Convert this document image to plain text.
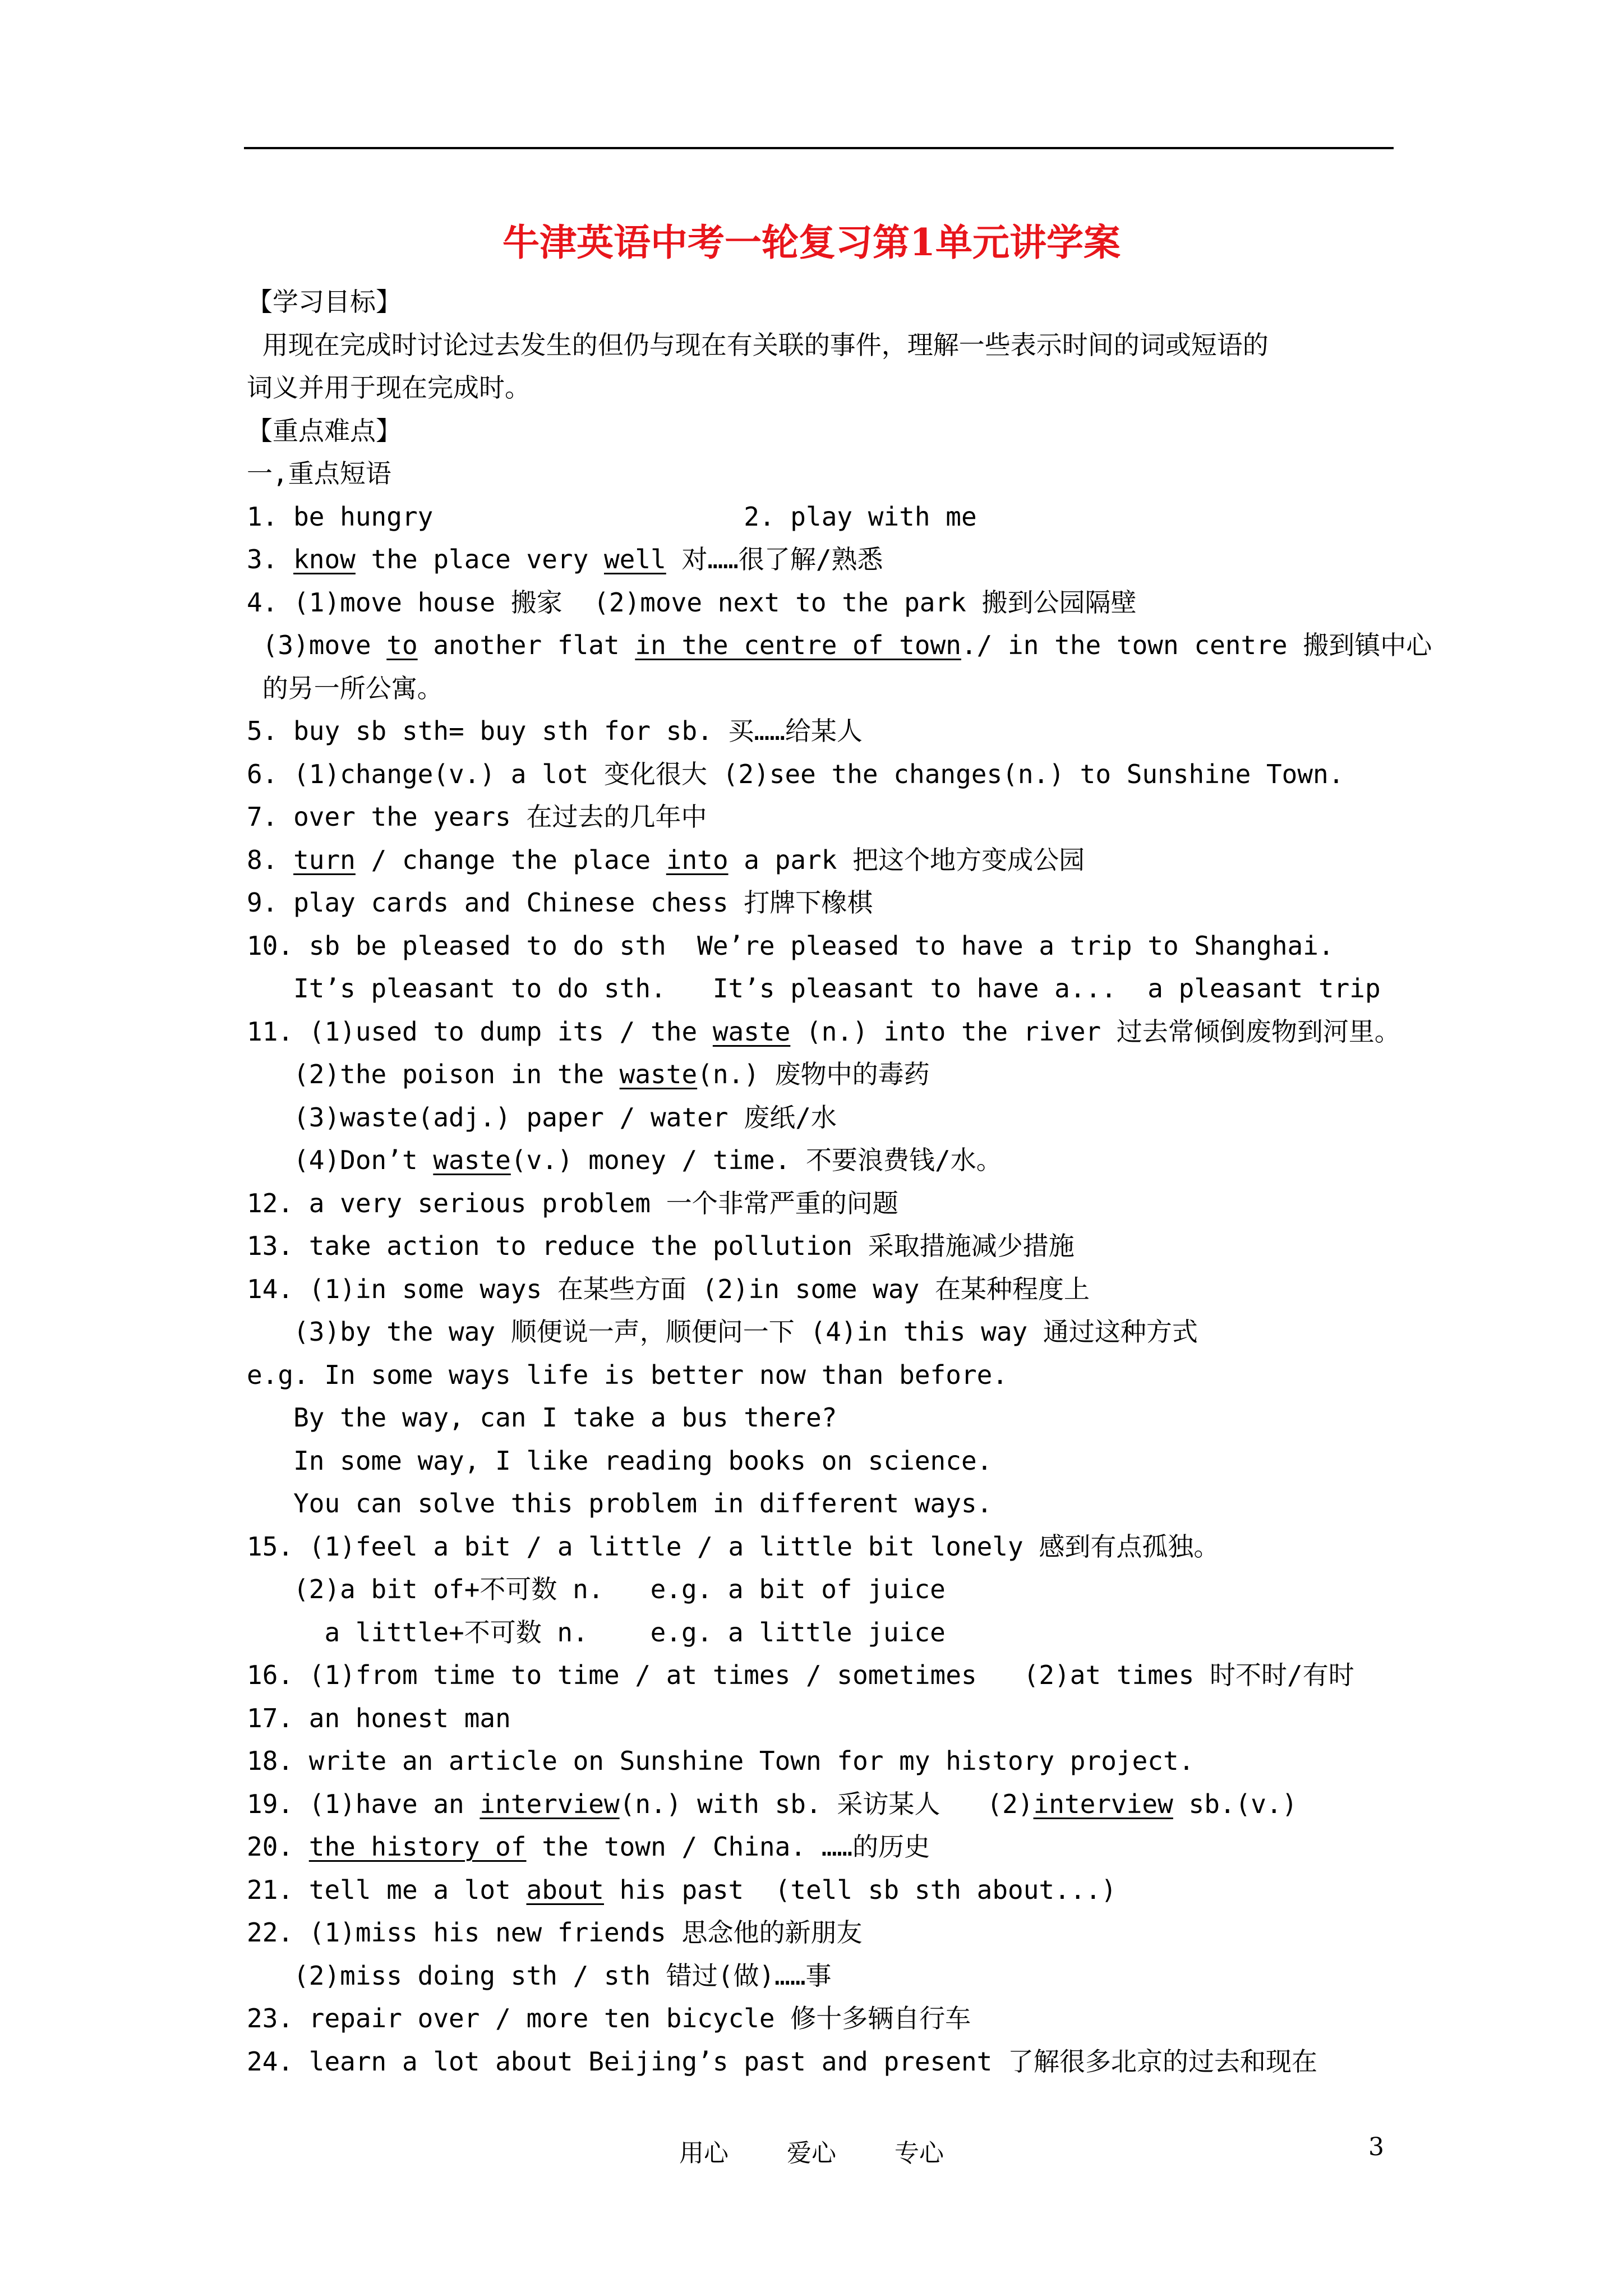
牛津英语中考一轮复习第1单元讲学案
【学习目标】
用现在完成时讨论过去发生的但仍与现在有关联的事件，理解一些表示时间的词或短语的
词义并用于现在完成时。
【重点难点】
一,重点短语
1. be hungry                    2. play with me
3. know the place very well 对……很了解/熟悉
4. (1)move house 搬家  (2)move next to the park 搬到公园隔壁
(3)move to another flat in the centre of town./ in the town centre 搬到镇中心
的另一所公寓。
5. buy sb sth= buy sth for sb. 买……给某人
6. (1)change(v.) a lot 变化很大 (2)see the changes(n.) to Sunshine Town.
7. over the years 在过去的几年中
8. turn / change the place into a park 把这个地方变成公园
9. play cards and Chinese chess 打牌下橡棋
10. sb be pleased to do sth  We’re pleased to have a trip to Shanghai.
It’s pleasant to do sth.   It’s pleasant to have a...  a pleasant trip
11. (1)used to dump its / the waste (n.) into the river 过去常倾倒废物到河里。
(2)the poison in the waste(n.) 废物中的毒药
(3)waste(adj.) paper / water 废纸/水
(4)Don’t waste(v.) money / time. 不要浪费钱/水。
12. a very serious problem 一个非常严重的问题
13. take action to reduce the pollution 采取措施减少措施
14. (1)in some ways 在某些方面 (2)in some way 在某种程度上
(3)by the way 顺便说一声，顺便问一下 (4)in this way 通过这种方式
e.g. In some ways life is better now than before.
By the way, can I take a bus there?
In some way, I like reading books on science.
You can solve this problem in different ways.
15. (1)feel a bit / a little / a little bit lonely 感到有点孤独。
(2)a bit of+不可数 n.   e.g. a bit of juice
a little+不可数 n.    e.g. a little juice
16. (1)from time to time / at times / sometimes   (2)at times 时不时/有时
17. an honest man
18. write an article on Sunshine Town for my history project.
19. (1)have an interview(n.) with sb. 采访某人   (2)interview sb.(v.)
20. the history of the town / China. ……的历史
21. tell me a lot about his past  (tell sb sth about...)
22. (1)miss his new friends 思念他的新朋友
(2)miss doing sth / sth 错过(做)……事
23. repair over / more ten bicycle 修十多辆自行车
24. learn a lot about Beijing’s past and present 了解很多北京的过去和现在
用心 爱心 专心	3
